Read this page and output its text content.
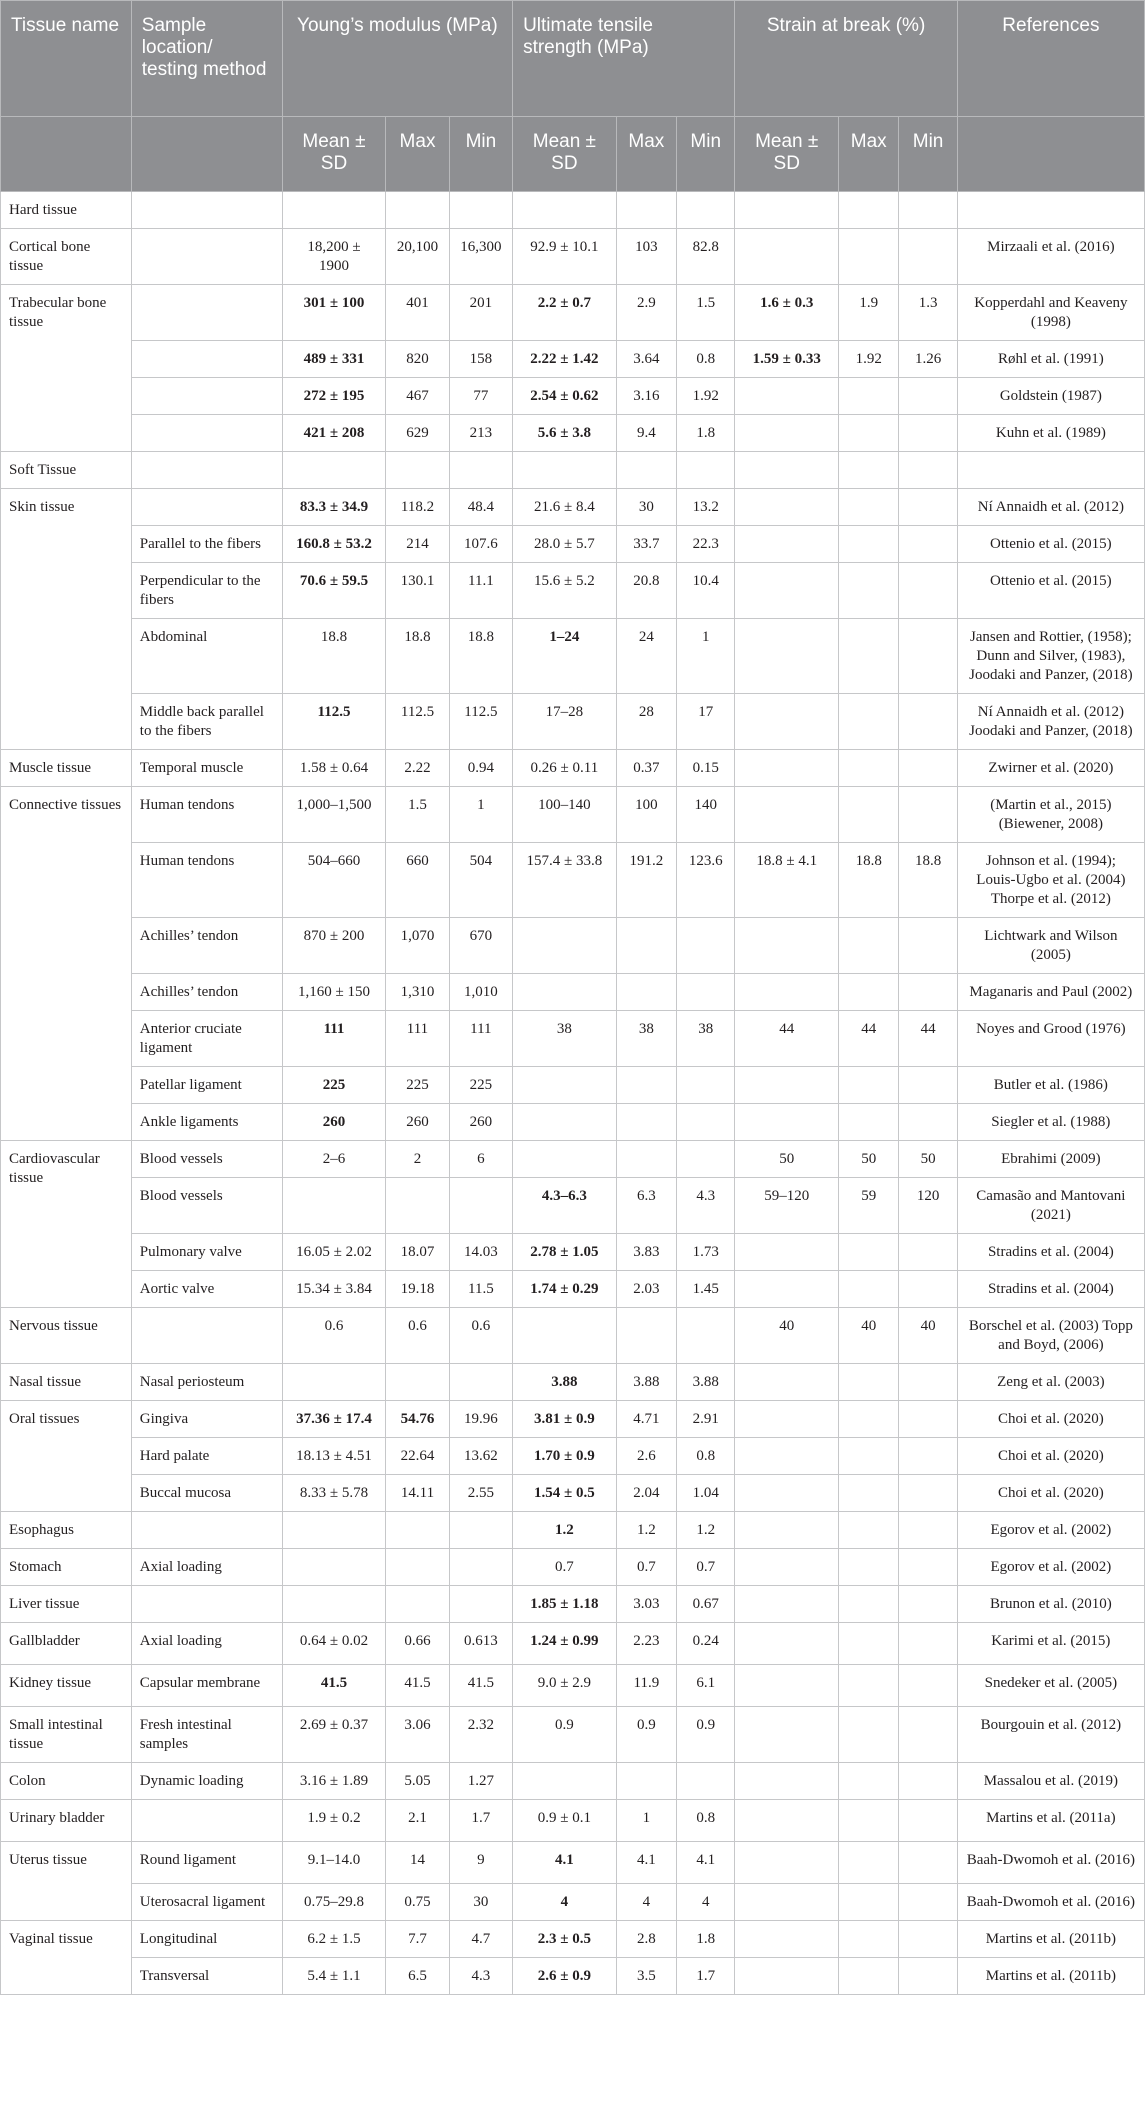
Tissue name	Sample location/ testing method	Young’s modulus (MPa)			Ultimate tensile strength (MPa)			Strain at break (%)			References
		Mean ± SD	Max	Min	Mean ± SD	Max	Min	Mean ± SD	Max	Min	
Hard tissue											
Cortical bone tissue		18,200 ± 1900	20,100	16,300	92.9 ± 10.1	103	82.8				Mirzaali et al. (2016)
Trabecular bone tissue		301 ± 100	401	201	2.2 ± 0.7	2.9	1.5	1.6 ± 0.3	1.9	1.3	Kopperdahl and Keaveny (1998)
		489 ± 331	820	158	2.22 ± 1.42	3.64	0.8	1.59 ± 0.33	1.92	1.26	Røhl et al. (1991)
		272 ± 195	467	77	2.54 ± 0.62	3.16	1.92				Goldstein (1987)
		421 ± 208	629	213	5.6 ± 3.8	9.4	1.8				Kuhn et al. (1989)
Soft Tissue											
Skin tissue		83.3 ± 34.9	118.2	48.4	21.6 ± 8.4	30	13.2				Ní Annaidh et al. (2012)
	Parallel to the fibers	160.8 ± 53.2	214	107.6	28.0 ± 5.7	33.7	22.3				Ottenio et al. (2015)
	Perpendicular to the fibers	70.6 ± 59.5	130.1	11.1	15.6 ± 5.2	20.8	10.4				Ottenio et al. (2015)
	Abdominal	18.8	18.8	18.8	1–24	24	1				Jansen and Rottier, (1958); Dunn and Silver, (1983), Joodaki and Panzer, (2018)
	Middle back parallel to the fibers	112.5	112.5	112.5	17–28	28	17				Ní Annaidh et al. (2012) Joodaki and Panzer, (2018)
Muscle tissue	Temporal muscle	1.58 ± 0.64	2.22	0.94	0.26 ± 0.11	0.37	0.15				Zwirner et al. (2020)
Connective tissues	Human tendons	1,000–1,500	1.5	1	100–140	100	140				(Martin et al., 2015) (Biewener, 2008)
	Human tendons	504–660	660	504	157.4 ± 33.8	191.2	123.6	18.8 ± 4.1	18.8	18.8	Johnson et al. (1994); Louis-Ugbo et al. (2004) Thorpe et al. (2012)
	Achilles’ tendon	870 ± 200	1,070	670							Lichtwark and Wilson (2005)
	Achilles’ tendon	1,160 ± 150	1,310	1,010							Maganaris and Paul (2002)
	Anterior cruciate ligament	111	111	111	38	38	38	44	44	44	Noyes and Grood (1976)
	Patellar ligament	225	225	225							Butler et al. (1986)
	Ankle ligaments	260	260	260							Siegler et al. (1988)
Cardiovascular tissue	Blood vessels	2–6	2	6				50	50	50	Ebrahimi (2009)
	Blood vessels				4.3–6.3	6.3	4.3	59–120	59	120	Camasão and Mantovani (2021)
	Pulmonary valve	16.05 ± 2.02	18.07	14.03	2.78 ± 1.05	3.83	1.73				Stradins et al. (2004)
	Aortic valve	15.34 ± 3.84	19.18	11.5	1.74 ± 0.29	2.03	1.45				Stradins et al. (2004)
Nervous tissue		0.6	0.6	0.6				40	40	40	Borschel et al. (2003) Topp and Boyd, (2006)
Nasal tissue	Nasal periosteum				3.88	3.88	3.88				Zeng et al. (2003)
Oral tissues	Gingiva	37.36 ± 17.4	54.76	19.96	3.81 ± 0.9	4.71	2.91				Choi et al. (2020)
	Hard palate	18.13 ± 4.51	22.64	13.62	1.70 ± 0.9	2.6	0.8				Choi et al. (2020)
	Buccal mucosa	8.33 ± 5.78	14.11	2.55	1.54 ± 0.5	2.04	1.04				Choi et al. (2020)
Esophagus					1.2	1.2	1.2				Egorov et al. (2002)
Stomach	Axial loading				0.7	0.7	0.7				Egorov et al. (2002)
Liver tissue					1.85 ± 1.18	3.03	0.67				Brunon et al. (2010)
Gallbladder	Axial loading	0.64 ± 0.02	0.66	0.613	1.24 ± 0.99	2.23	0.24				Karimi et al. (2015)
Kidney tissue	Capsular membrane	41.5	41.5	41.5	9.0 ± 2.9	11.9	6.1				Snedeker et al. (2005)
Small intestinal tissue	Fresh intestinal samples	2.69 ± 0.37	3.06	2.32	0.9	0.9	0.9				Bourgouin et al. (2012)
Colon	Dynamic loading	3.16 ± 1.89	5.05	1.27							Massalou et al. (2019)
Urinary bladder		1.9 ± 0.2	2.1	1.7	0.9 ± 0.1	1	0.8				Martins et al. (2011a)
Uterus tissue	Round ligament	9.1–14.0	14	9	4.1	4.1	4.1				Baah-Dwomoh et al. (2016)
	Uterosacral ligament	0.75–29.8	0.75	30	4	4	4				Baah-Dwomoh et al. (2016)
Vaginal tissue	Longitudinal	6.2 ± 1.5	7.7	4.7	2.3 ± 0.5	2.8	1.8				Martins et al. (2011b)
	Transversal	5.4 ± 1.1	6.5	4.3	2.6 ± 0.9	3.5	1.7				Martins et al. (2011b)
